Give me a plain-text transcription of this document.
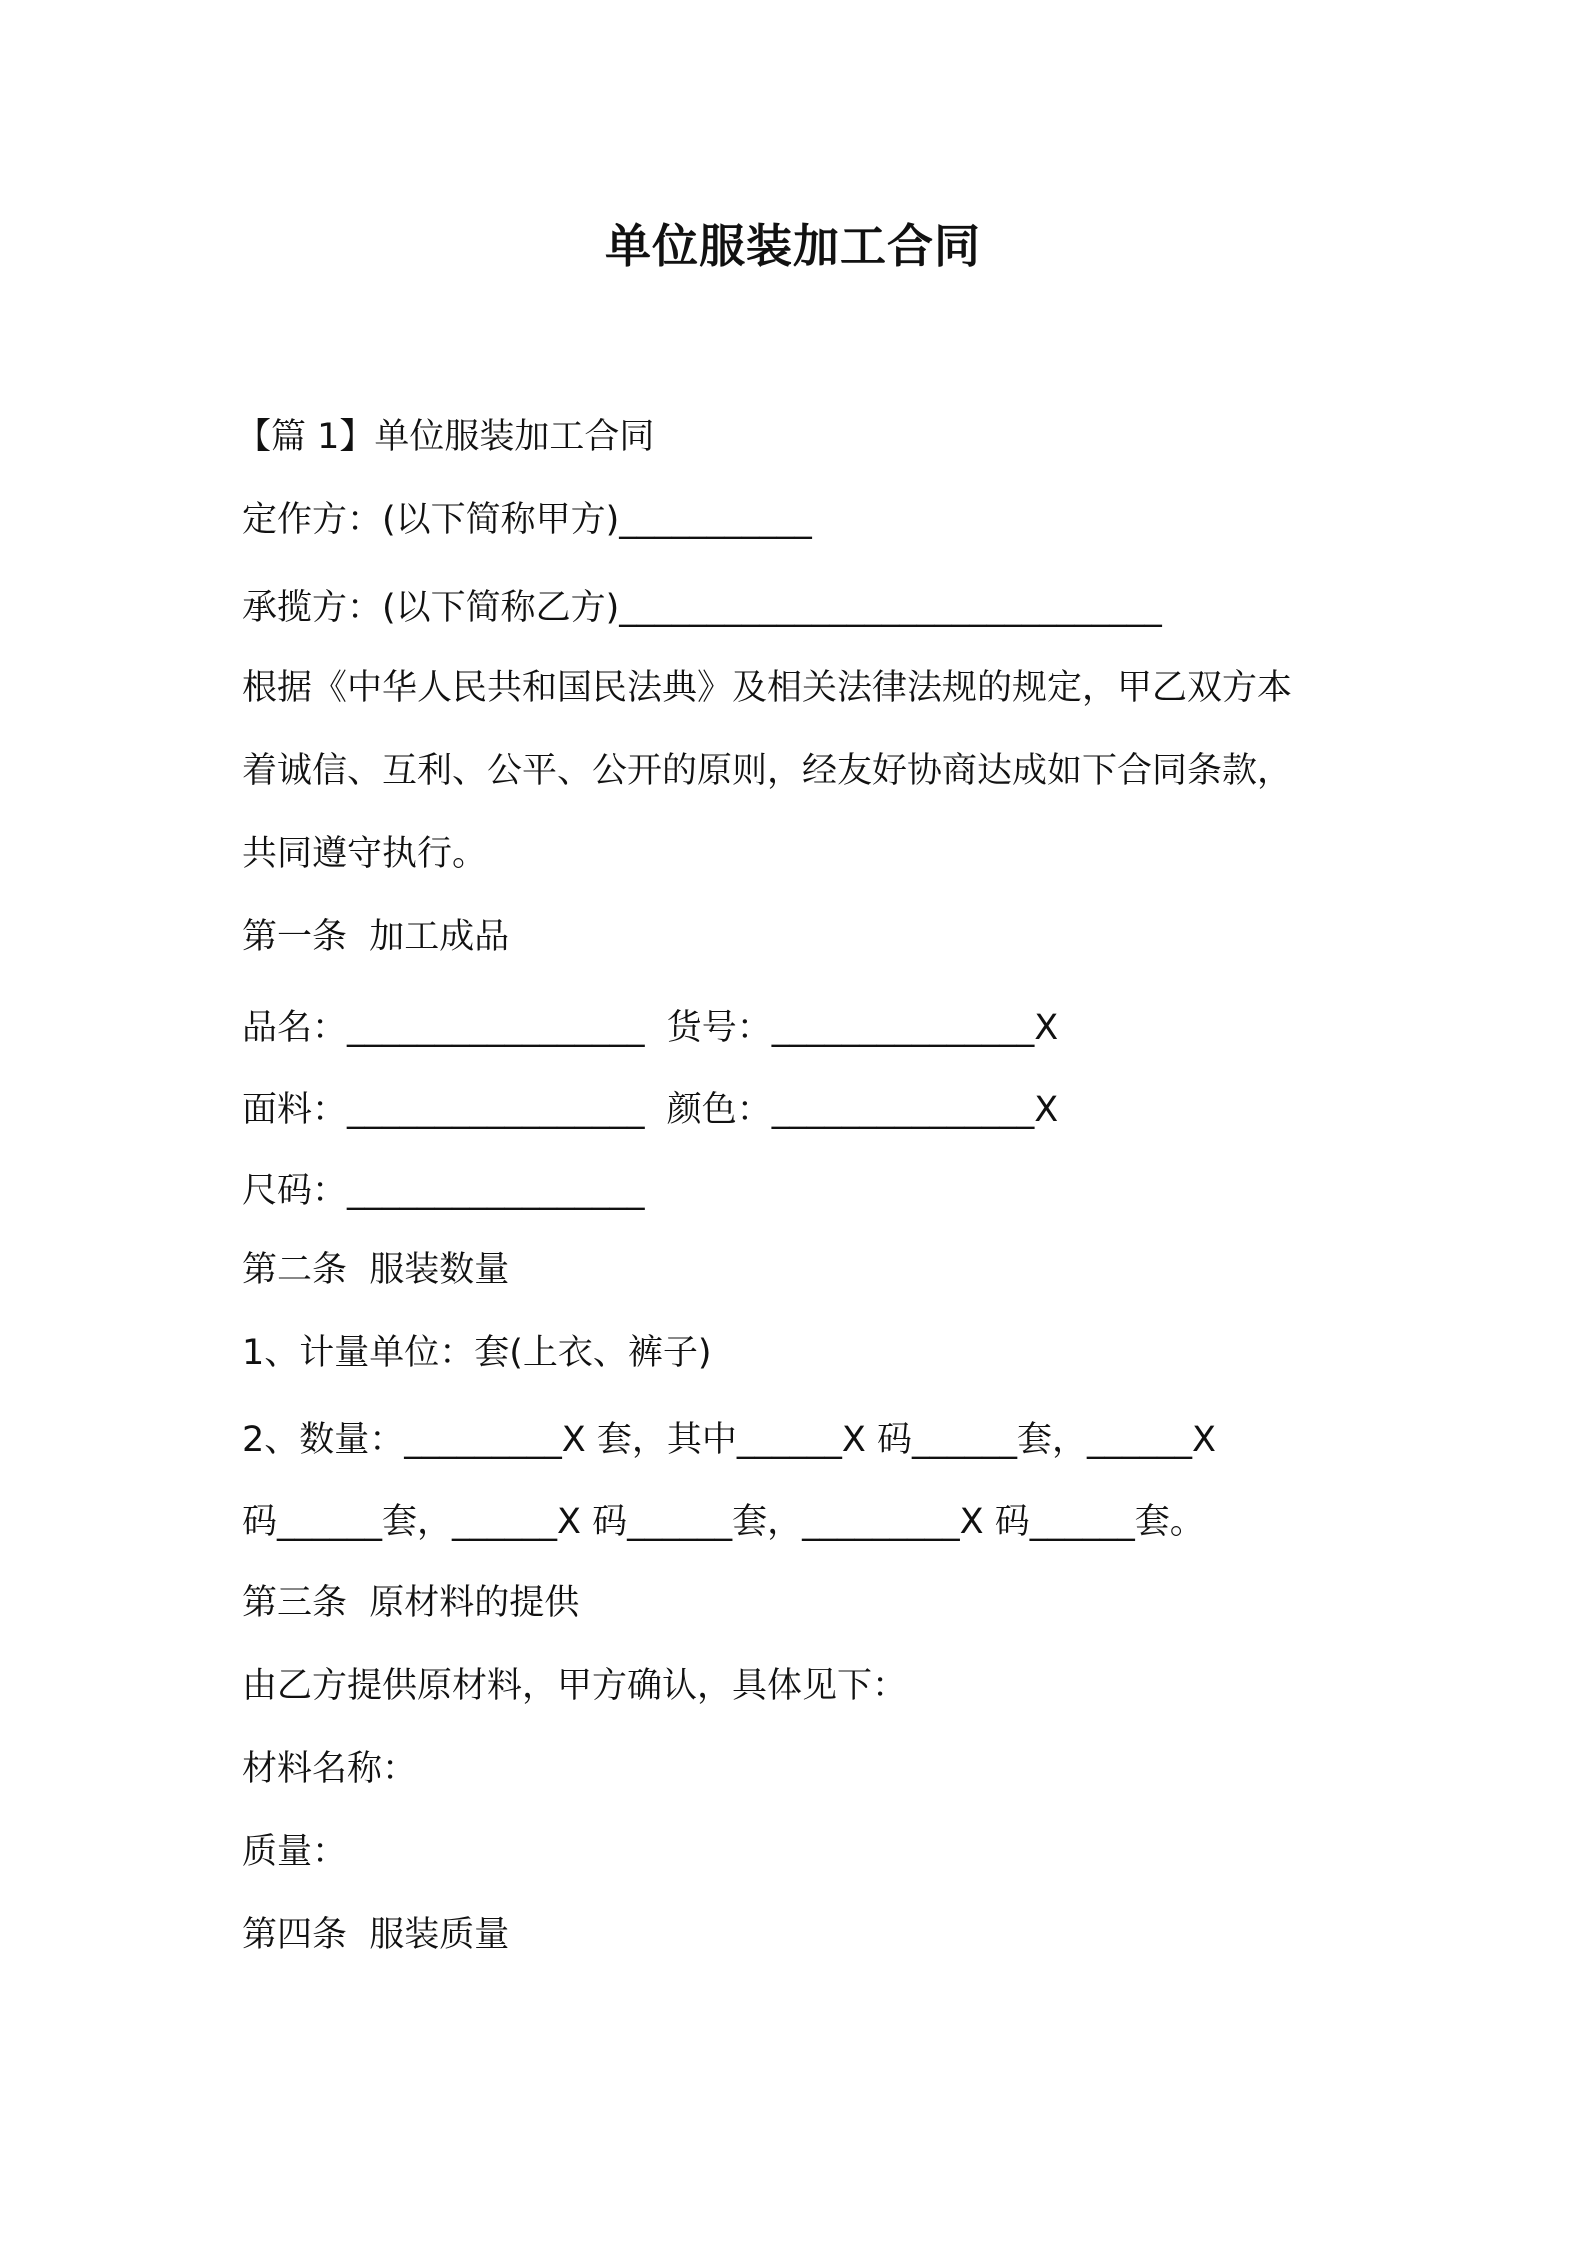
单位服装加工合同

【篇 1】单位服装加工合同

定作方：(以下简称甲方)___________

承揽方：(以下简称乙方)_______________________________

根据《中华人民共和国民法典》及相关法律法规的规定，甲乙双方本

着诚信、互利、公平、公开的原则，经友好协商达成如下合同条款，

共同遵守执行。

第一条  加工成品

品名：_________________  货号：_______________X

面料：_________________  颜色：_______________X

尺码：_________________

第二条  服装数量

1、计量单位：套(上衣、裤子)

2、数量：_________X 套，其中______X 码______套，______X

码______套，______X 码______套，_________X 码______套。

第三条  原材料的提供

由乙方提供原材料，甲方确认，具体见下：

材料名称：

质量：

第四条  服装质量
